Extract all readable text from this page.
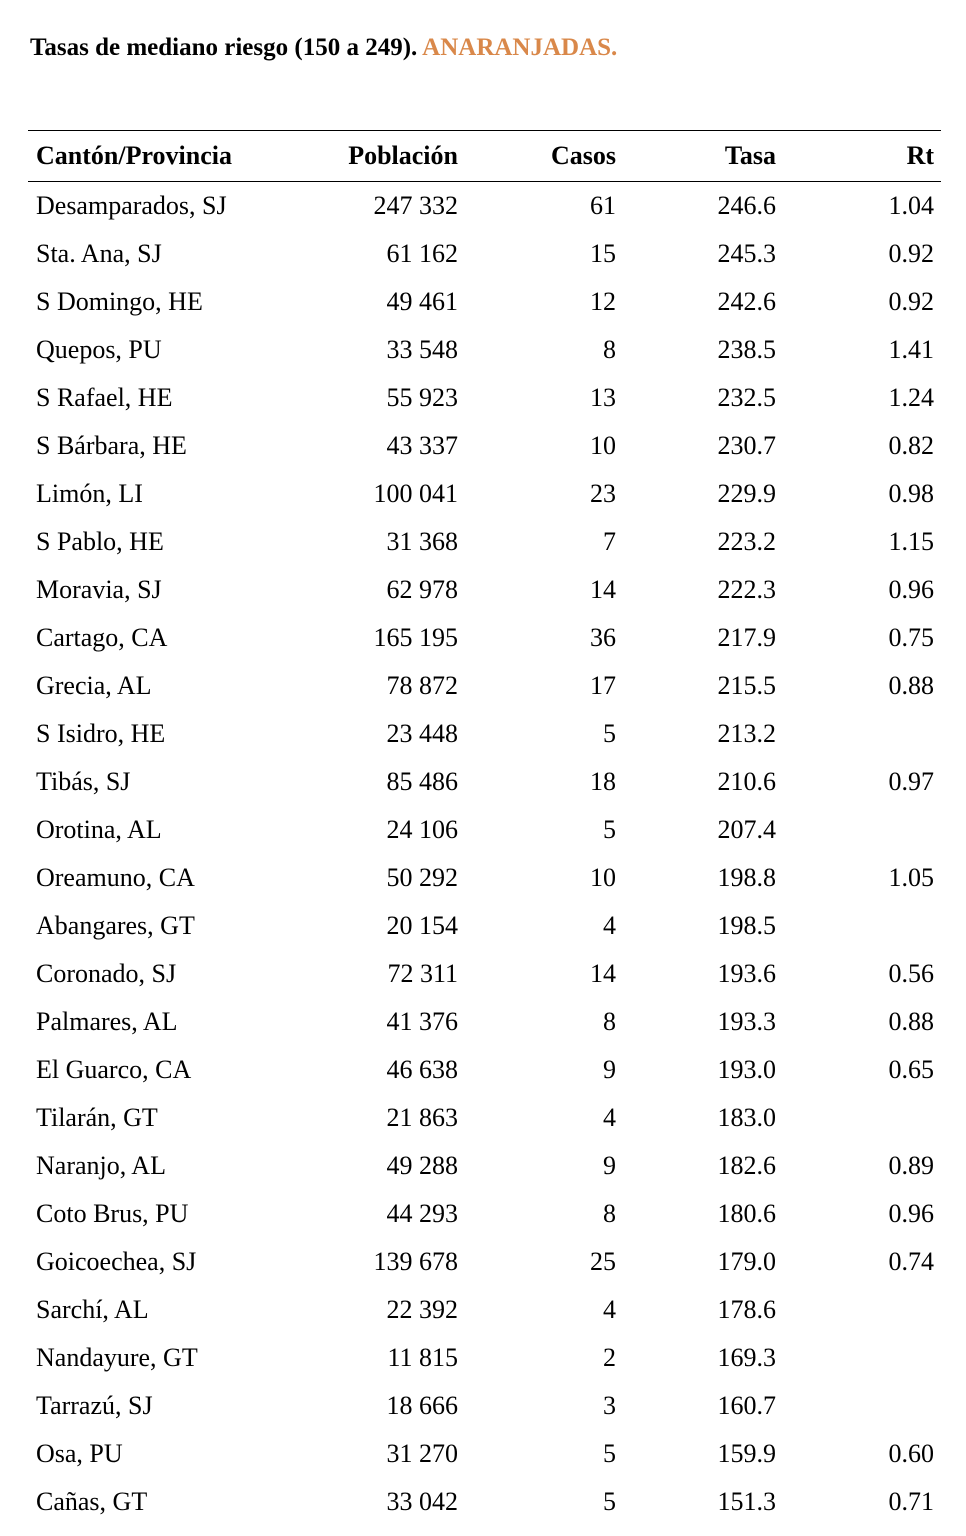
Tasas de mediano riesgo (150 a 249). ANARANJADAS.
Cantón/Provincia	Población	Casos	Tasa	Rt
Desamparados, SJ	247 332	61	246.6	1.04
Sta. Ana, SJ	61 162	15	245.3	0.92
S Domingo, HE	49 461	12	242.6	0.92
Quepos, PU	33 548	8	238.5	1.41
S Rafael, HE	55 923	13	232.5	1.24
S Bárbara, HE	43 337	10	230.7	0.82
Limón, LI	100 041	23	229.9	0.98
S Pablo, HE	31 368	7	223.2	1.15
Moravia, SJ	62 978	14	222.3	0.96
Cartago, CA	165 195	36	217.9	0.75
Grecia, AL	78 872	17	215.5	0.88
S Isidro, HE	23 448	5	213.2
Tibás, SJ	85 486	18	210.6	0.97
Orotina, AL	24 106	5	207.4
Oreamuno, CA	50 292	10	198.8	1.05
Abangares, GT	20 154	4	198.5
Coronado, SJ	72 311	14	193.6	0.56
Palmares, AL	41 376	8	193.3	0.88
El Guarco, CA	46 638	9	193.0	0.65
Tilarán, GT	21 863	4	183.0
Naranjo, AL	49 288	9	182.6	0.89
Coto Brus, PU	44 293	8	180.6	0.96
Goicoechea, SJ	139 678	25	179.0	0.74
Sarchí, AL	22 392	4	178.6
Nandayure, GT	11 815	2	169.3
Tarrazú, SJ	18 666	3	160.7
Osa, PU	31 270	5	159.9	0.60
Cañas, GT	33 042	5	151.3	0.71
